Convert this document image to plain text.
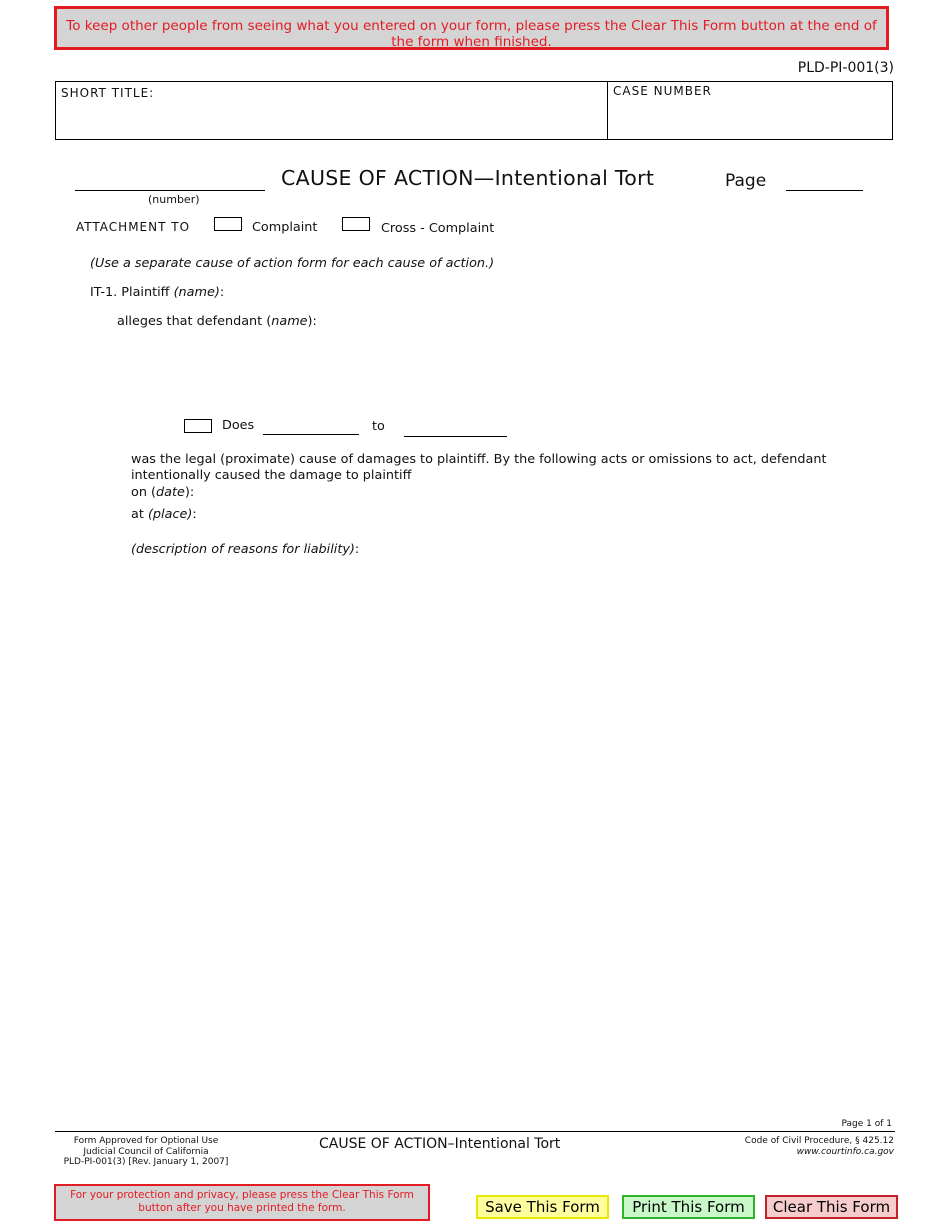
To keep other people from seeing what you entered on your form, please press the Clear This Form button at the end of the form when finished.
PLD-PI-001(3)
SHORT TITLE:	CASE NUMBER
(number)
CAUSE OF ACTION—Intentional Tort	Page
ATTACHMENT TO	Complaint	Cross - Complaint
(Use a separate cause of action form for each cause of action.)
IT-1. Plaintiff (name):
alleges that defendant (name):
Does	to
was the legal (proximate) cause of damages to plaintiff. By the following acts or omissions to act, defendant intentionally caused the damage to plaintiff
on (date):
at (place):
(description of reasons for liability):
Page 1 of 1
Form Approved for Optional Use
Judicial Council of California
PLD-PI-001(3) [Rev. January 1, 2007]
CAUSE OF ACTION–Intentional Tort	Code of Civil Procedure, § 425.12
www.courtinfo.ca.gov
For your protection and privacy, please press the Clear This Form button after you have printed the form.	Save This Form	Print This Form	Clear This Form
